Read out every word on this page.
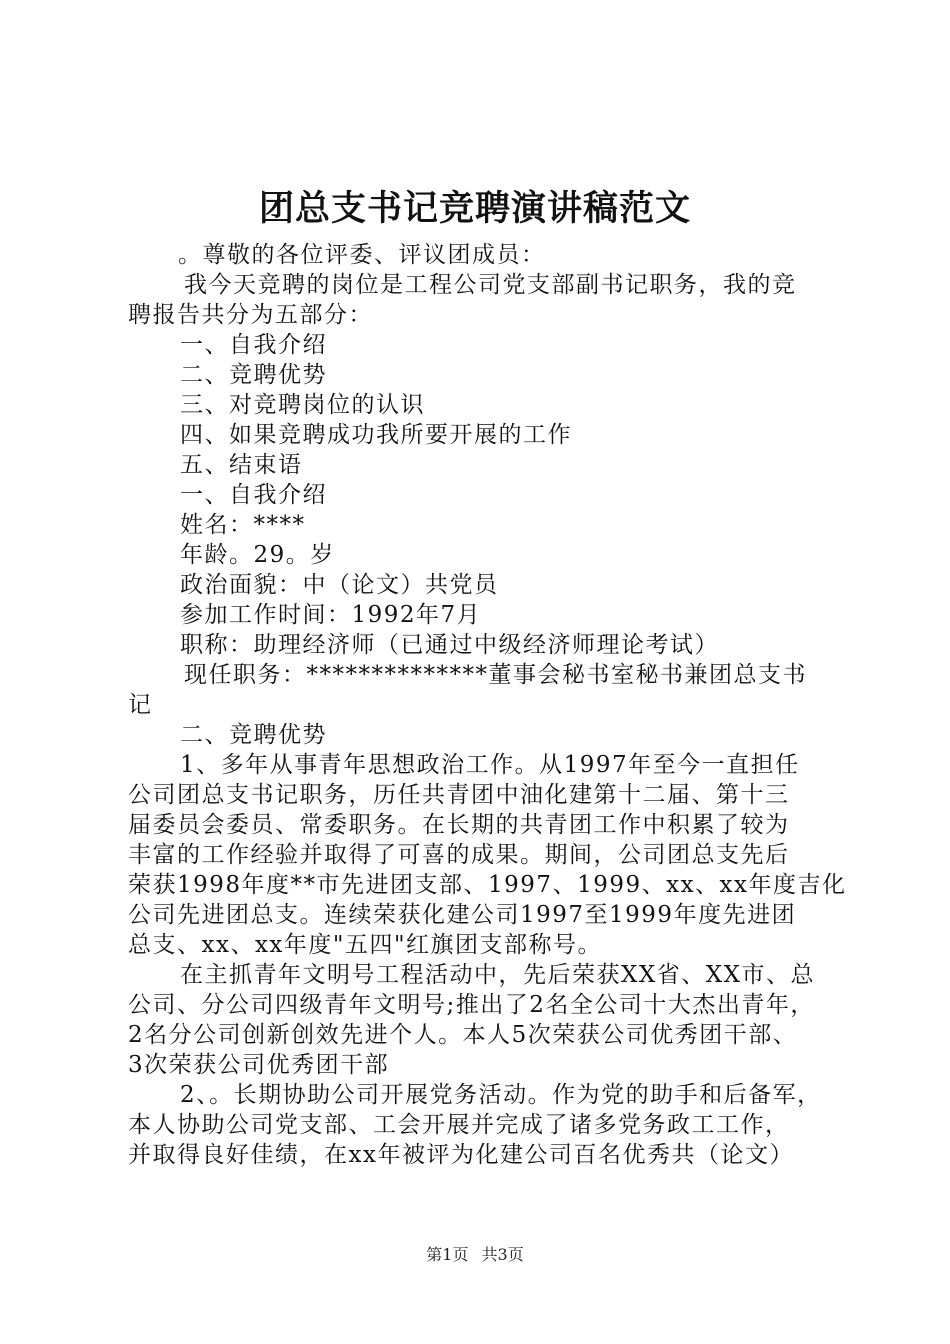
团总支书记竞聘演讲稿范文
。尊敬的各位评委、评议团成员：
我今天竞聘的岗位是工程公司党支部副书记职务，我的竞
聘报告共分为五部分：
一、自我介绍
二、竞聘优势
三、对竞聘岗位的认识
四、如果竞聘成功我所要开展的工作
五、结束语
一、自我介绍
姓名：****
年龄。29。岁
政治面貌：中（论文）共党员
参加工作时间：1992年7月
职称：助理经济师（已通过中级经济师理论考试）
现任职务：**************董事会秘书室秘书兼团总支书
记
二、竞聘优势
1、多年从事青年思想政治工作。从1997年至今一直担任
公司团总支书记职务，历任共青团中油化建第十二届、第十三
届委员会委员、常委职务。在长期的共青团工作中积累了较为
丰富的工作经验并取得了可喜的成果。期间，公司团总支先后
荣获1998年度**市先进团支部、1997、1999、xx、xx年度吉化
公司先进团总支。连续荣获化建公司1997至1999年度先进团
总支、xx、xx年度"五四"红旗团支部称号。
在主抓青年文明号工程活动中，先后荣获XX省、XX市、总
公司、分公司四级青年文明号;推出了2名全公司十大杰出青年，
2名分公司创新创效先进个人。本人5次荣获公司优秀团干部、
3次荣获公司优秀团干部
2、。长期协助公司开展党务活动。作为党的助手和后备军，
本人协助公司党支部、工会开展并完成了诸多党务政工工作，
并取得良好佳绩，在xx年被评为化建公司百名优秀共（论文）
第1页 共3页
